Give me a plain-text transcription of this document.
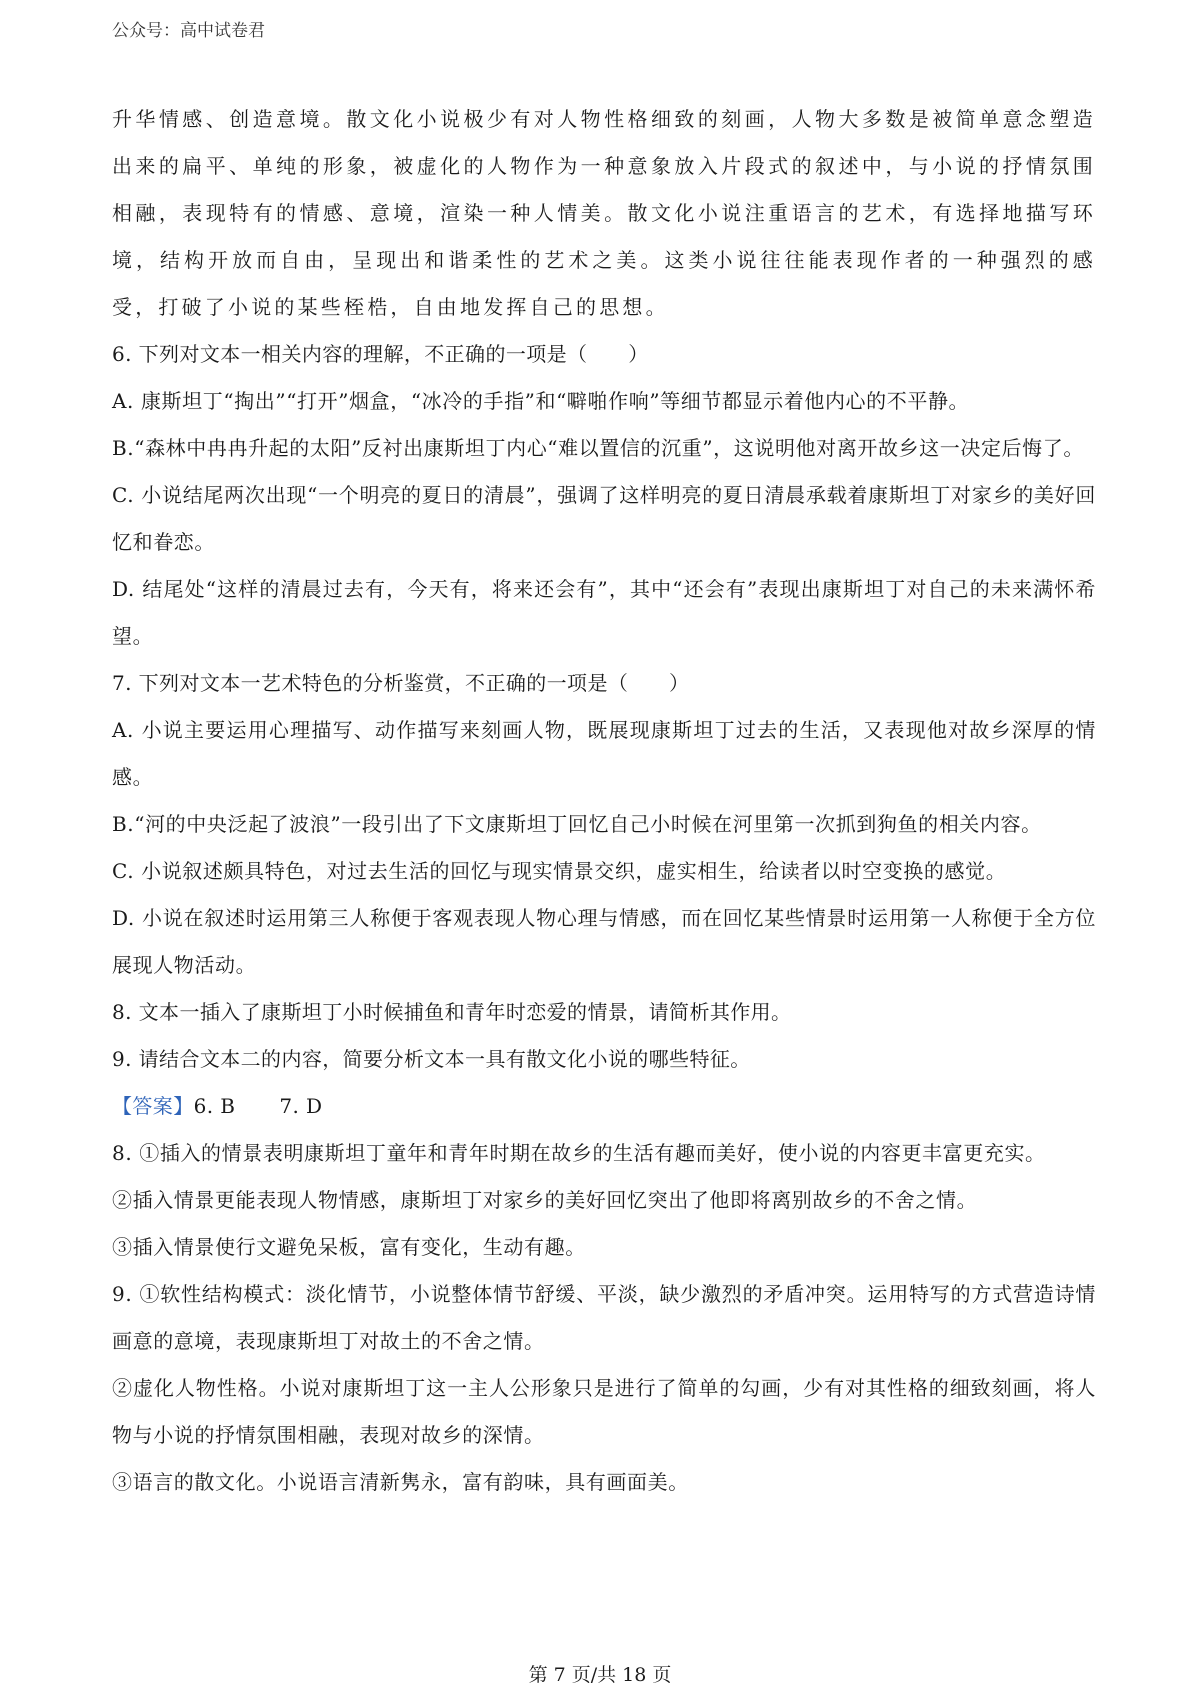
公众号：高中试卷君

升华情感、创造意境。散文化小说极少有对人物性格细致的刻画，人物大多数是被简单意念塑造出来的扁平、单纯的形象，被虚化的人物作为一种意象放入片段式的叙述中，与小说的抒情氛围相融，表现特有的情感、意境，渲染一种人情美。散文化小说注重语言的艺术，有选择地描写环境，结构开放而自由，呈现出和谐柔性的艺术之美。这类小说往往能表现作者的一种强烈的感受，打破了小说的某些桎梏，自由地发挥自己的思想。

6. 下列对文本一相关内容的理解，不正确的一项是（　　）

A. 康斯坦丁“掏出”“打开”烟盒，“冰冷的手指”和“噼啪作响”等细节都显示着他内心的不平静。

B.“森林中冉冉升起的太阳”反衬出康斯坦丁内心“难以置信的沉重”，这说明他对离开故乡这一决定后悔了。

C. 小说结尾两次出现“一个明亮的夏日的清晨”，强调了这样明亮的夏日清晨承载着康斯坦丁对家乡的美好回忆和眷恋。

D. 结尾处“这样的清晨过去有，今天有，将来还会有”，其中“还会有”表现出康斯坦丁对自己的未来满怀希望。

7. 下列对文本一艺术特色的分析鉴赏，不正确的一项是（　　）

A. 小说主要运用心理描写、动作描写来刻画人物，既展现康斯坦丁过去的生活，又表现他对故乡深厚的情感。

B.“河的中央泛起了波浪”一段引出了下文康斯坦丁回忆自己小时候在河里第一次抓到狗鱼的相关内容。

C. 小说叙述颇具特色，对过去生活的回忆与现实情景交织，虚实相生，给读者以时空变换的感觉。

D. 小说在叙述时运用第三人称便于客观表现人物心理与情感，而在回忆某些情景时运用第一人称便于全方位展现人物活动。

8. 文本一插入了康斯坦丁小时候捕鱼和青年时恋爱的情景，请简析其作用。

9. 请结合文本二的内容，简要分析文本一具有散文化小说的哪些特征。

【答案】6. B 7. D

8. ①插入的情景表明康斯坦丁童年和青年时期在故乡的生活有趣而美好，使小说的内容更丰富更充实。

②插入情景更能表现人物情感，康斯坦丁对家乡的美好回忆突出了他即将离别故乡的不舍之情。

③插入情景使行文避免呆板，富有变化，生动有趣。

9. ①软性结构模式：淡化情节，小说整体情节舒缓、平淡，缺少激烈的矛盾冲突。运用特写的方式营造诗情画意的意境，表现康斯坦丁对故土的不舍之情。

②虚化人物性格。小说对康斯坦丁这一主人公形象只是进行了简单的勾画，少有对其性格的细致刻画，将人物与小说的抒情氛围相融，表现对故乡的深情。

③语言的散文化。小说语言清新隽永，富有韵味，具有画面美。

第 7 页/共 18 页
